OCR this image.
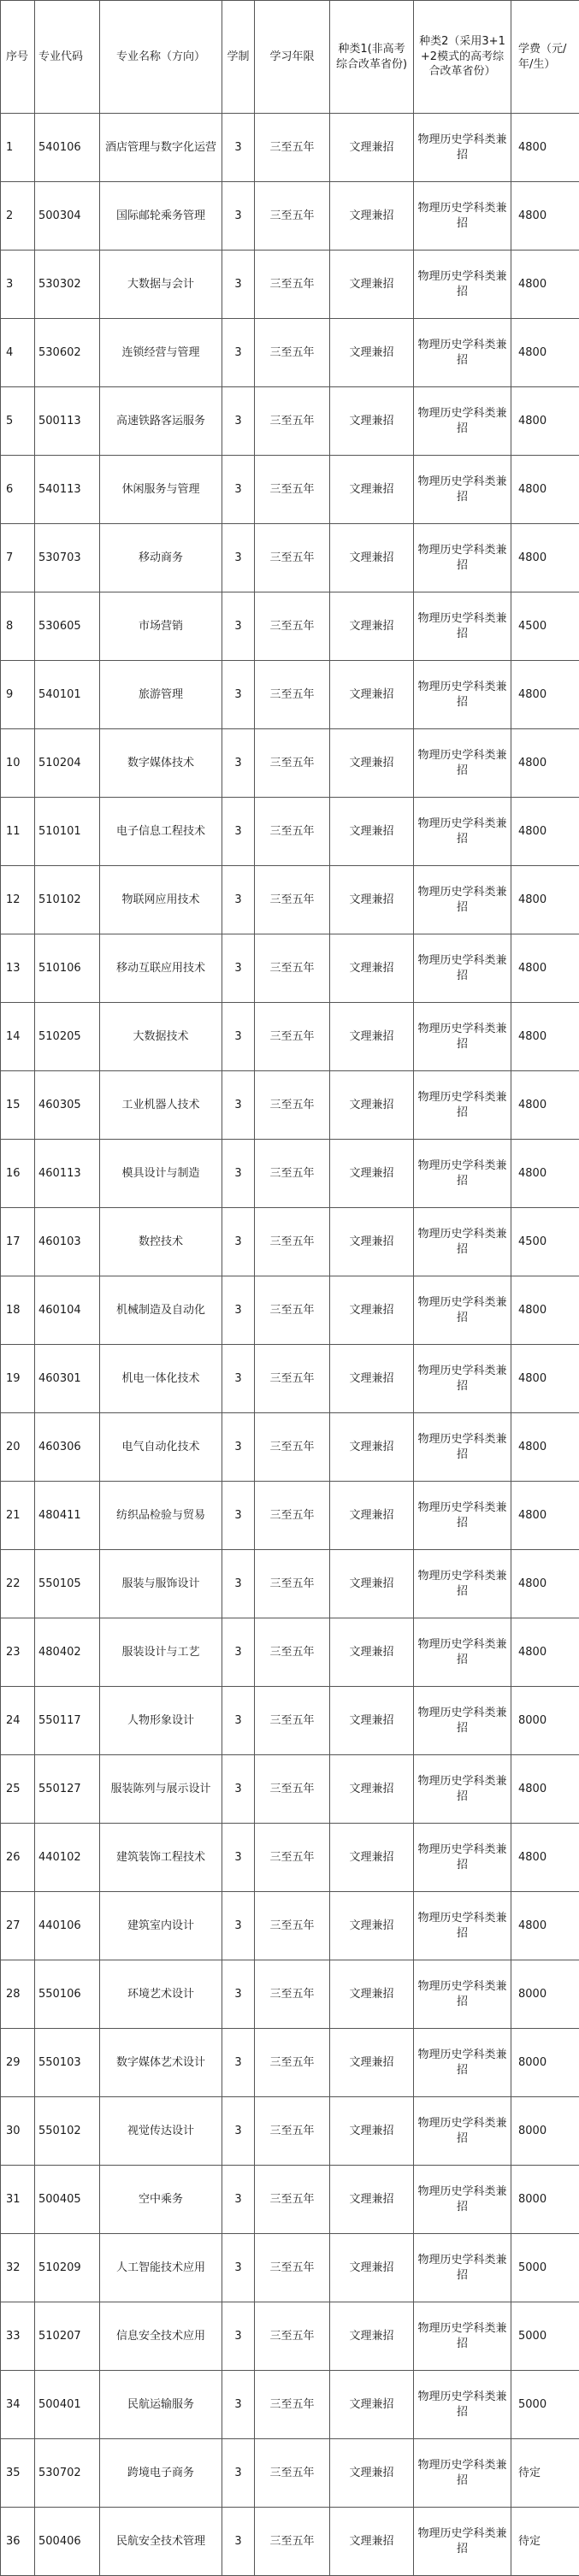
序号	专业代码	专业名称（方向）	学制	学习年限	种类1(非高考综合改革省份)	种类2（采用3+1+2模式的高考综合改革省份）	学费（元/年/生）
1	540106	酒店管理与数字化运营	3	三至五年	文理兼招	物理历史学科类兼招	4800
2	500304	国际邮轮乘务管理	3	三至五年	文理兼招	物理历史学科类兼招	4800
3	530302	大数据与会计	3	三至五年	文理兼招	物理历史学科类兼招	4800
4	530602	连锁经营与管理	3	三至五年	文理兼招	物理历史学科类兼招	4800
5	500113	高速铁路客运服务	3	三至五年	文理兼招	物理历史学科类兼招	4800
6	540113	休闲服务与管理	3	三至五年	文理兼招	物理历史学科类兼招	4800
7	530703	移动商务	3	三至五年	文理兼招	物理历史学科类兼招	4800
8	530605	市场营销	3	三至五年	文理兼招	物理历史学科类兼招	4500
9	540101	旅游管理	3	三至五年	文理兼招	物理历史学科类兼招	4800
10	510204	数字媒体技术	3	三至五年	文理兼招	物理历史学科类兼招	4800
11	510101	电子信息工程技术	3	三至五年	文理兼招	物理历史学科类兼招	4800
12	510102	物联网应用技术	3	三至五年	文理兼招	物理历史学科类兼招	4800
13	510106	移动互联应用技术	3	三至五年	文理兼招	物理历史学科类兼招	4800
14	510205	大数据技术	3	三至五年	文理兼招	物理历史学科类兼招	4800
15	460305	工业机器人技术	3	三至五年	文理兼招	物理历史学科类兼招	4800
16	460113	模具设计与制造	3	三至五年	文理兼招	物理历史学科类兼招	4800
17	460103	数控技术	3	三至五年	文理兼招	物理历史学科类兼招	4500
18	460104	机械制造及自动化	3	三至五年	文理兼招	物理历史学科类兼招	4800
19	460301	机电一体化技术	3	三至五年	文理兼招	物理历史学科类兼招	4800
20	460306	电气自动化技术	3	三至五年	文理兼招	物理历史学科类兼招	4800
21	480411	纺织品检验与贸易	3	三至五年	文理兼招	物理历史学科类兼招	4800
22	550105	服装与服饰设计	3	三至五年	文理兼招	物理历史学科类兼招	4800
23	480402	服装设计与工艺	3	三至五年	文理兼招	物理历史学科类兼招	4800
24	550117	人物形象设计	3	三至五年	文理兼招	物理历史学科类兼招	8000
25	550127	服装陈列与展示设计	3	三至五年	文理兼招	物理历史学科类兼招	4800
26	440102	建筑装饰工程技术	3	三至五年	文理兼招	物理历史学科类兼招	4800
27	440106	建筑室内设计	3	三至五年	文理兼招	物理历史学科类兼招	4800
28	550106	环境艺术设计	3	三至五年	文理兼招	物理历史学科类兼招	8000
29	550103	数字媒体艺术设计	3	三至五年	文理兼招	物理历史学科类兼招	8000
30	550102	视觉传达设计	3	三至五年	文理兼招	物理历史学科类兼招	8000
31	500405	空中乘务	3	三至五年	文理兼招	物理历史学科类兼招	8000
32	510209	人工智能技术应用	3	三至五年	文理兼招	物理历史学科类兼招	5000
33	510207	信息安全技术应用	3	三至五年	文理兼招	物理历史学科类兼招	5000
34	500401	民航运输服务	3	三至五年	文理兼招	物理历史学科类兼招	5000
35	530702	跨境电子商务	3	三至五年	文理兼招	物理历史学科类兼招	待定
36	500406	民航安全技术管理	3	三至五年	文理兼招	物理历史学科类兼招	待定
